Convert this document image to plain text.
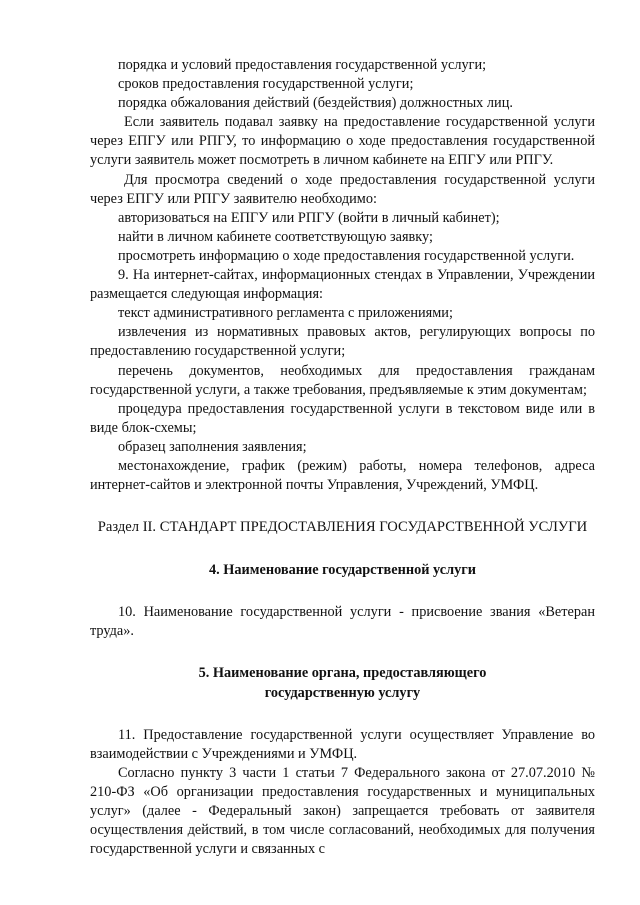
порядка и условий предоставления государственной услуги;

сроков предоставления государственной услуги;

порядка обжалования действий (бездействия) должностных лиц.

Если заявитель подавал заявку на предоставление государственной услуги через ЕПГУ или РПГУ, то информацию о ходе предоставления государственной услуги заявитель может посмотреть в личном кабинете на ЕПГУ или РПГУ.

Для просмотра сведений о ходе предоставления государственной услуги через ЕПГУ или РПГУ заявителю необходимо:

авторизоваться на ЕПГУ или РПГУ (войти в личный кабинет);

найти в личном кабинете соответствующую заявку;

просмотреть информацию о ходе предоставления государственной услуги.

9. На интернет-сайтах, информационных стендах в Управлении, Учреждении размещается следующая информация:

текст административного регламента с приложениями;

извлечения из нормативных правовых актов, регулирующих вопросы по предоставлению государственной услуги;

перечень документов, необходимых для предоставления гражданам государственной услуги, а также требования, предъявляемые к этим документам;

процедура предоставления государственной услуги в текстовом виде или в виде блок-схемы;

образец заполнения заявления;

местонахождение, график (режим) работы, номера телефонов, адреса интернет-сайтов и электронной почты Управления, Учреждений, УМФЦ.

Раздел II. СТАНДАРТ ПРЕДОСТАВЛЕНИЯ ГОСУДАРСТВЕННОЙ УСЛУГИ

4. Наименование государственной услуги

10. Наименование государственной услуги - присвоение звания «Ветеран труда».

5. Наименование органа, предоставляющего

государственную услугу

11. Предоставление государственной услуги осуществляет Управление во взаимодействии с Учреждениями и УМФЦ.

Согласно пункту 3 части 1 статьи 7 Федерального закона от 27.07.2010 № 210-ФЗ «Об организации предоставления государственных и муниципальных услуг» (далее - Федеральный закон) запрещается требовать от заявителя осуществления действий, в том числе согласований, необходимых для получения государственной услуги и связанных с
